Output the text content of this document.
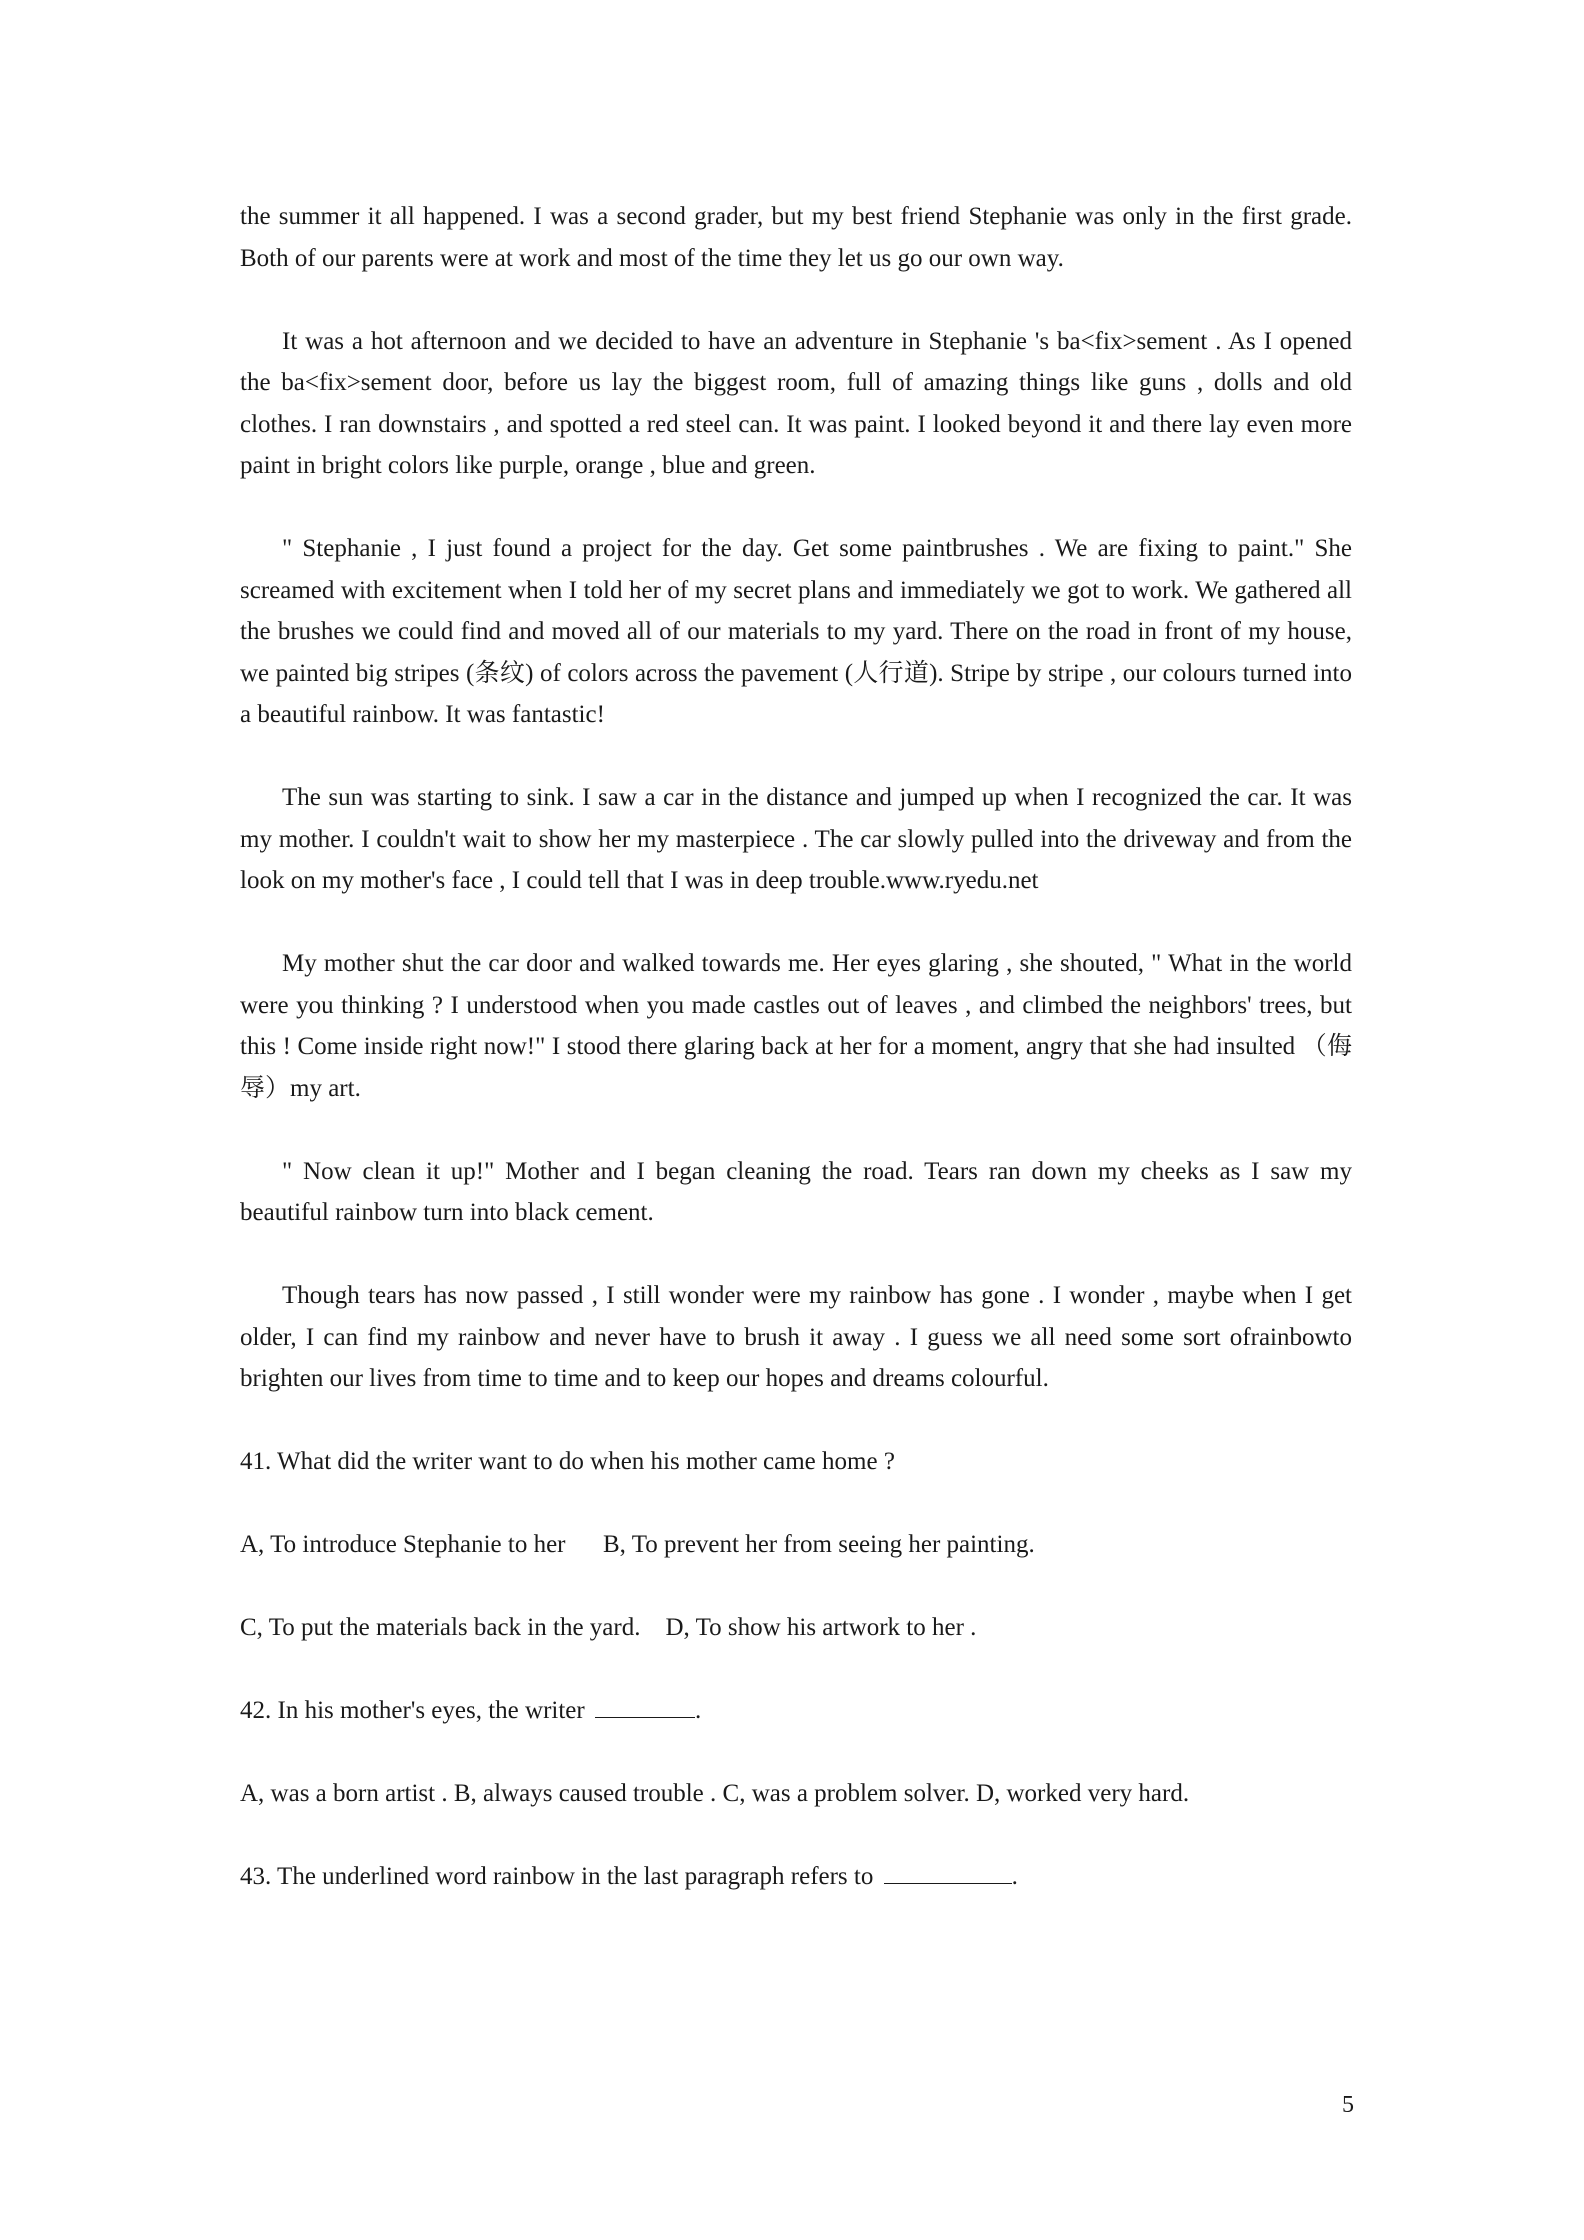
the summer it all happened. I was a second grader, but my best friend Stephanie was only in the first grade. Both of our parents were at work and most of the time they let us go our own way.

It was a hot afternoon and we decided to have an adventure in Stephanie 's ba<fix>sement . As I opened the ba<fix>sement door, before us lay the biggest room, full of amazing things like guns , dolls and old clothes. I ran downstairs , and spotted a red steel can. It was paint. I looked beyond it and there lay even more paint in bright colors like purple, orange , blue and green.

" Stephanie , I just found a project for the day. Get some paintbrushes . We are fixing to paint." She screamed with excitement when I told her of my secret plans and immediately we got to work. We gathered all the brushes we could find and moved all of our materials to my yard. There on the road in front of my house, we painted big stripes (条纹) of colors across the pavement (人行道). Stripe by stripe , our colours turned into a beautiful rainbow. It was fantastic!

The sun was starting to sink. I saw a car in the distance and jumped up when I recognized the car. It was my mother. I couldn't wait to show her my masterpiece . The car slowly pulled into the driveway and from the look on my mother's face , I could tell that I was in deep trouble.www.ryedu.net

My mother shut the car door and walked towards me. Her eyes glaring , she shouted, " What in the world were you thinking ? I understood when you made castles out of leaves , and climbed the neighbors' trees, but this ! Come inside right now!" I stood there glaring back at her for a moment, angry that she had insulted （侮辱）my art.

" Now clean it up!" Mother and I began cleaning the road. Tears ran down my cheeks as I saw my beautiful rainbow turn into black cement.

Though tears has now passed , I still wonder were my rainbow has gone . I wonder , maybe when I get older, I can find my rainbow and never have to brush it away . I guess we all need some sort ofrainbowto brighten our lives from time to time and to keep our hopes and dreams colourful.

41. What did the writer want to do when his mother came home ?

A, To introduce Stephanie to her B, To prevent her from seeing her painting.

C, To put the materials back in the yard. D, To show his artwork to her .

42. In his mother's eyes, the writer	.

A, was a born artist . B, always caused trouble . C, was a problem solver. D, worked very hard.

43. The underlined word rainbow in the last paragraph refers to	.

5
